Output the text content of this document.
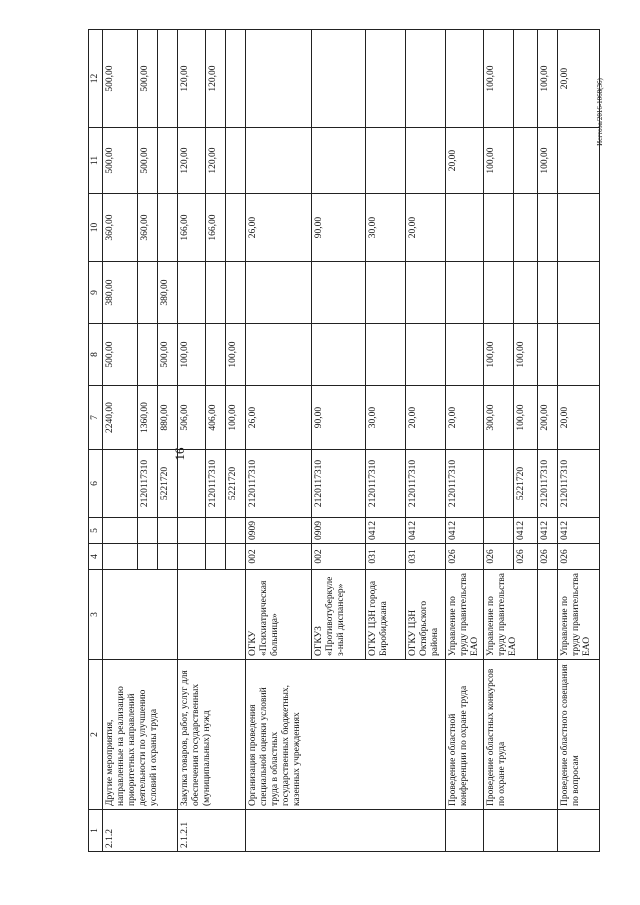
16
Исгтоэа/2016-1068(36)
1	2	3	4	5	6	7	8	9	10	11	12
2.1.2	Другие мероприятия, направленные на реализацию приоритетных направлений деятельности по улучшению условий и охраны труда					2240,00	500,00	380,00	360,00	500,00	500,00
					2120117310	1360,00			360,00	500,00	500,00
					5221720	880,00	500,00	380,00			
2.1.2.1	Закупка товаров, работ, услуг для обеспечения государственных (муниципальных) нужд					506,00	100,00		166,00	120,00	120,00
					2120117310	406,00			166,00	120,00	120,00
					5221720	100,00	100,00				
	Организация проведения специальной оценки условий труда в областных государственных бюджетных, казенных учреждениях	ОГКУ «Психиатрическая больница»	002	0909	2120117310	26,00			26,00		
		ОГКУЗ «Противотуберкулез-ный диспансер»	002	0909	2120117310	90,00			90,00		
		ОГКУ ЦЗН города Биробиджана	031	0412	2120117310	30,00			30,00		
		ОГКУ ЦЗН Октябрьского района	031	0412	2120117310	20,00			20,00		
	Проведение областной конференции по охране труда	Управление по труду правительства ЕАО	026	0412	2120117310	20,00				20,00	
	Проведение областных конкурсов по охране труда	Управление по труду правительства ЕАО	026			300,00	100,00			100,00	100,00
			026	0412	5221720	100,00	100,00				
			026	0412	2120117310	200,00				100,00	100,00
	Проведение областного совещания по вопросам	Управление по труду правительства ЕАО	026	0412	2120117310	20,00					20,00
